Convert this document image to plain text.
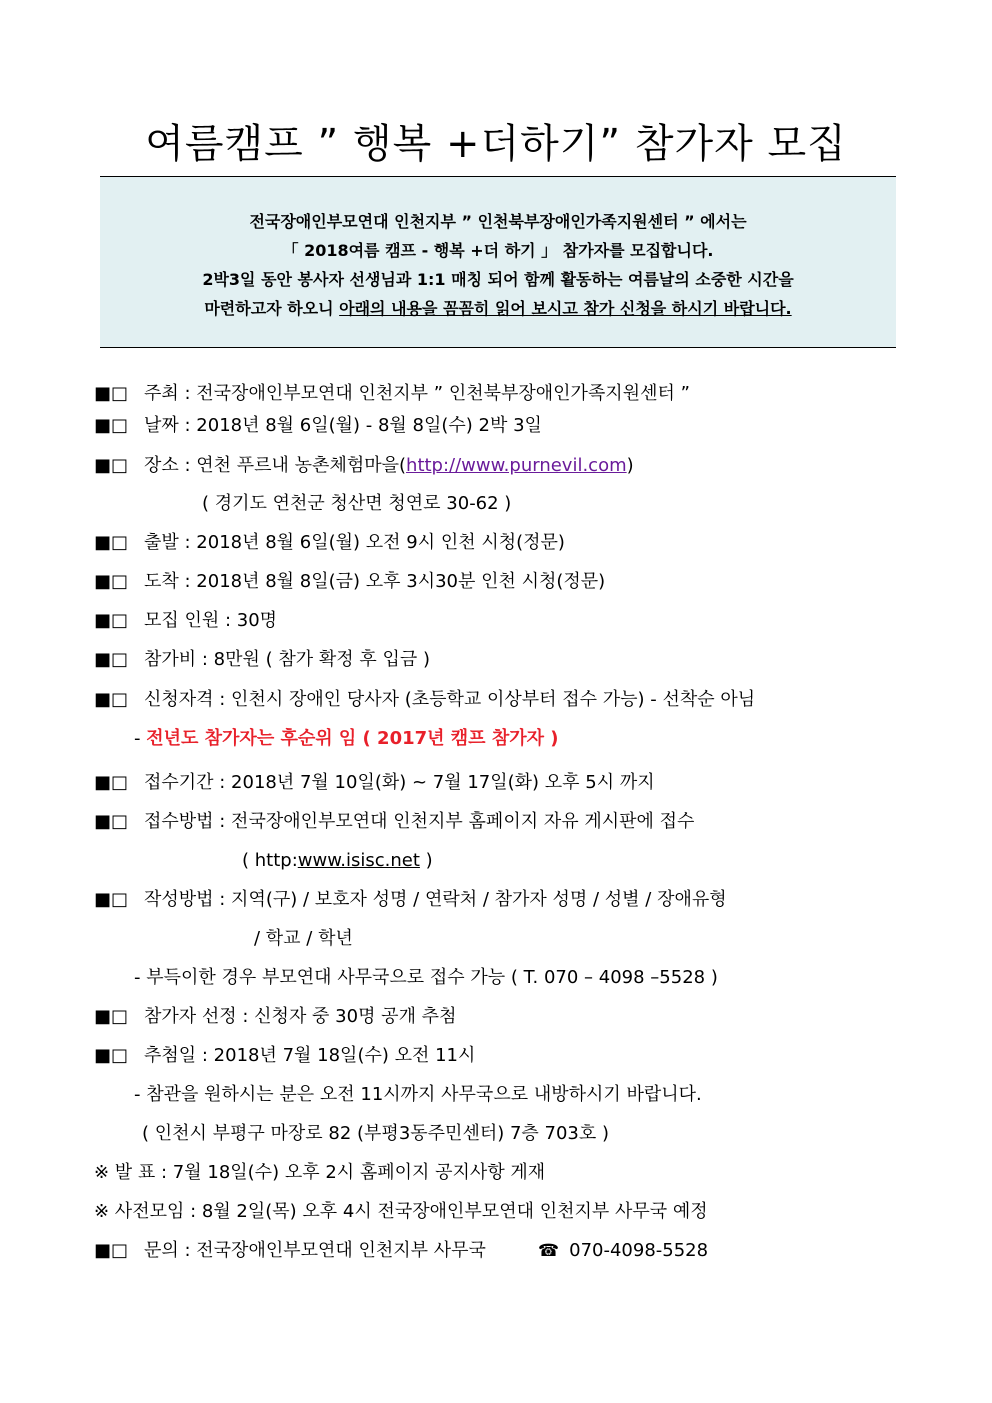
여름캠프 ” 행복 +더하기” 참가자 모집
전국장애인부모연대 인천지부 ” 인천북부장애인가족지원센터 ” 에서는
「 2018여름 캠프 - 행복 +더 하기 」 참가자를 모집합니다.
2박3일 동안 봉사자 선생님과 1:1 매칭 되어 함께 활동하는 여름날의 소중한 시간을
마련하고자 하오니 아래의 내용을 꼼꼼히 읽어 보시고 참가 신청을 하시기 바랍니다.
■□ 주최 : 전국장애인부모연대 인천지부 ” 인천북부장애인가족지원센터 ”
■□ 날짜 : 2018년 8월 6일(월) - 8월 8일(수) 2박 3일
■□ 장소 : 연천 푸르내 농촌체험마을(http://www.purnevil.com)
( 경기도 연천군 청산면 청연로 30-62 )
■□ 출발 : 2018년 8월 6일(월) 오전 9시 인천 시청(정문)
■□ 도착 : 2018년 8월 8일(금) 오후 3시30분 인천 시청(정문)
■□ 모집 인원 : 30명
■□ 참가비 : 8만원 ( 참가 확정 후 입금 )
■□ 신청자격 : 인천시 장애인 당사자 (초등학교 이상부터 접수 가능) - 선착순 아님
- 전년도 참가자는 후순위 임 ( 2017년 캠프 참가자 )
■□ 접수기간 : 2018년 7월 10일(화) ~ 7월 17일(화) 오후 5시 까지
■□ 접수방법 : 전국장애인부모연대 인천지부 홈페이지 자유 게시판에 접수
( http:www.isisc.net )
■□ 작성방법 : 지역(구) / 보호자 성명 / 연락처 / 참가자 성명 / 성별 / 장애유형
/ 학교 / 학년
- 부득이한 경우 부모연대 사무국으로 접수 가능 ( T. 070 – 4098 –5528 )
■□ 참가자 선정 : 신청자 중 30명 공개 추첨
■□ 추첨일 : 2018년 7월 18일(수) 오전 11시
- 참관을 원하시는 분은 오전 11시까지 사무국으로 내방하시기 바랍니다.
( 인천시 부평구 마장로 82 (부평3동주민센터) 7층 703호 )
※ 발 표 : 7월 18일(수) 오후 2시 홈페이지 공지사항 게재
※ 사전모임 : 8월 2일(목) 오후 4시 전국장애인부모연대 인천지부 사무국 예정
■□ 문의 : 전국장애인부모연대 인천지부 사무국	☎ 070-4098-5528
